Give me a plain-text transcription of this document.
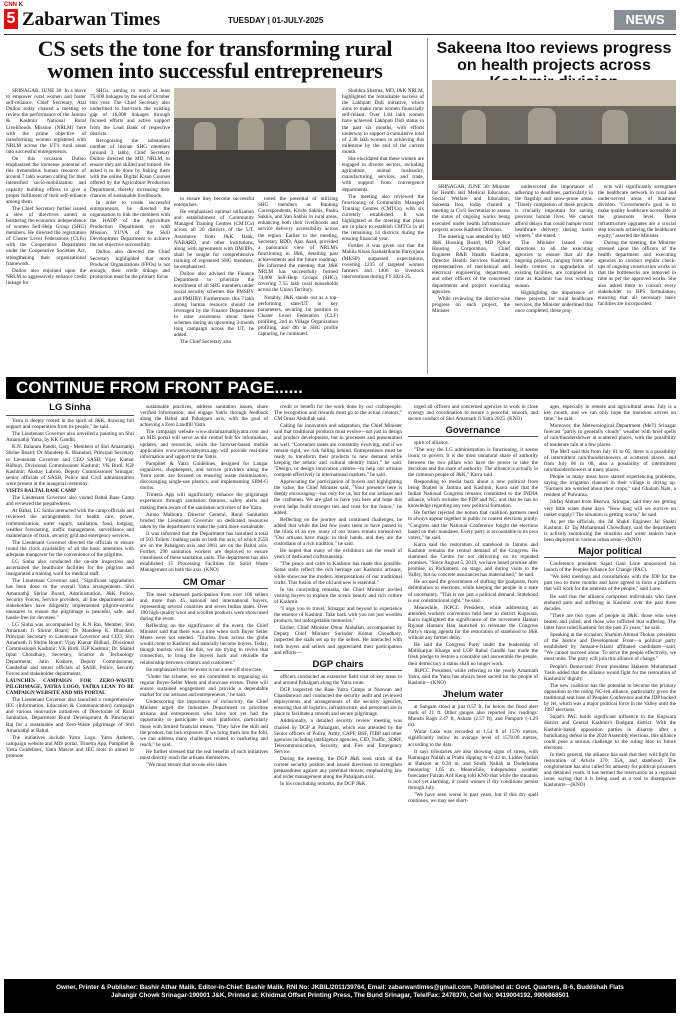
CNN K
5 Zabarwan Times	TUESDAY | 01-JULY-2025	NEWS
CS sets the tone for transforming rural women into successful entrepreneurs

SRINAGAR, JUNE 30: In a move to empower rural women and foster self-reliance, Chief Secretary, Atal Dulloo today chaired a meeting to review the performance of the Jammu & Kashmir National Rural Livelihoods Mission (NRLM) here with the prime objective of transforming women registered with NRLM across the UT's rural areas into successful entrepreneurs.

On this occasion Dulloo emphasized the immense potential of this tremendous human resource of around 7 lakh women calling for their intensified socio-mobilization and capacity building efforts to give a proper fulfilment of their self-reliance among them.

The Chief Secretary further issued a slew of directives aimed at bolstering the economic independence of women Self-Help Group (SHG) members. He directed the registration of Cluster Level Federations (CLFs) with the Cooperative Department under the Cooperative Societies Act, strengthening their organizational framework.

Dulloo also enjoined upon the NRLM to aggressively enhance credit linkage for

SHGs, aiming to reach at least 75,000 linkages by the end of October this year. The Chief Secretary also underlined to fast-track the existing gap of 16,000 linkages through focused efforts and active support from the Lead Bank of respective districts.

Recognizing the substantial number of literate SHG members (around 3 lakh), Chief Secretary Dulloo directed the MD, NRLM, to ensure they are skilled and trained. He asked it to be done by linking them with the online Digital Kisan Courses offered by the Agriculture Production Department, thereby increasing their chances of sustainable livelihoods.

In order to create successful entrepreneurs, he directed the organisation to link the members with the HADP of the Agriculture Production Department or with Mission YUVA of the Skill Development Department to achieve the set objective successfully.

Dulloo also directed the Chief Secretary highlighted that more Producer Organizations (FPOs) is not enough; their credit linkage and production must be the primary focus

to ensure they become successful enterprises.

He emphasized optimal utilization and establishment of Community Managed Training Centres (CMTCs) across all 20 districts of the UT. Assistance from J&K Bank, NABARD, and other institutions, along with agreements with IIM/IIPs, shall be sought for comprehensive training of registered SHG members, he emphasized.

Dulloo also advised the Finance Department to prioritize the enrollment of all SHG members under social security schemes like PMSBY and PMJJBY. Furthermore, this 7 lakh strong human resource should be leveraged by the Finance Department to raise awareness about these schemes during an upcoming 3-month long campaign across the UT, he added.

The Chief Secretary also

noted the potential of utilizing SHG members as Banking Correspondents, Krishi Sakhis, Pashu Sakhis, and Van Sakhis in rural areas, enhancing both their livelihoods and service delivery accessibility across the region. Earlier in the meeting, Secretary RDD, Ajaz Asad, provided a panoramic view of NRLM's functioning in J&K, detailing past achievements and the future roadmap. He informed the meeting that J&K NRLM has successfully formed 74,000 Self-Help Groups (SHG), covering 7.55 lakh rural households across the Union Territory.

Notably, J&K stands out as a top-performing state/UT in key parameters, securing 1st position in Cluster Level Federation (CLF) profiling, 2nd in Village Organization profiling, and 4th in SHG profile capturing, he continued.

Shubhra Sharma, MD, J&K NRLM, highlighted the remarkable success of the Lakhpati Didi initiative, which aims to make rural women financially self-reliant. Over 1.84 lakh women have achieved Lakhpati Didi status in the past six months, with efforts underway to support a cumulative total of 2.38 lakh women in achieving this milestone by the end of the current month.

She elucidated that these women are engaged in diverse sectors, including agriculture, animal husbandry, manufacturing, services, and trade, with support from convergence departments.

The meeting also reviewed the functioning of Community Managed Training Centres (CMTCs), with six currently established. It was highlighted at the meeting that plans are in place to establish CMTCs in all the remaining 14 districts during the ensuing financial year.

Further it was given out that the Mahila Kisan Sashaktikaran Pariyojana (MKSP) surpassed expectations, covering 1235 of targeted women farmers and 1406 in livestock interventions during FY 2024-25.

Sakeena Itoo reviews progress on health projects across

SRINAGAR, JUNE 30: Minister for Health and Medical Education, Social Welfare and Education, Sakeena Itoo, today chaired a meeting at Civil Secretariat to assess the status of ongoing works being executed under health infrastructure projects across Kashmir Division.

The meeting was attended by MD J&K Housing Board, MD Police Housing Corporation, Chief Engineer R&B Health Kashmir, Director Health Services Kashmir, representatives of mechanical and electrical engineering department, and other officers of the concerned departments and project executing agencies.

While reviewing the district-wise progress on each project, the Minister

underscored the importance of adhering to deadlines, particularly in the flagship and snow-prone areas. "Timely completion of these projects is crucially important for saving precious human lives. We cannot afford delays that could hamper rural healthcare delivery during harsh winters," she stated.

The Minister issued clear directions to all the executing agencies to ensure that all the ongoing projects, ranging from new health centres to upgradation of existing facilities, are completed in time as Kashmir has less working season.

Highlighting the importance of these projects for rural healthcare services, the Minister underlined that once completed, these proj-

ects will significantly strengthen the healthcare network in rural and under-served areas of Kashmir division. "Government's goal is to make quality healthcare accessible at the grassroots level. These infrastructure upgrades are a crucial step towards achieving the healthcare equity," asserted the Minister.

During the meeting, the Minister stressed upon the officers of the health department and executing agencies to conduct regular check-ups of ongoing construction works so that the bottlenecks are removed in time as per the approved works. She also asked them to consult every stakeholder in BPS formulation, ensuring that all necessary basic facilities are incorporated.

CONTINUE FROM FRONT PAGE......
LG Sinha

Yatra is deeply rooted in the spirit of J&K, drawing full support and cooperation from its people," he said.

The Lieutenant Governor also unveiled a painting on Shri Amarnathji Yatra, by KK Gandhi.

K.N. Balaram Pandit, Garg - Members of Shri Amarnathji Shrine Board; Dr Mandeep K. Bhandari, Principal Secretary to Lieutenant Governor and CEO SASB; Vijay Kumar Bidhuri, Divisional Commissioner Kashmir; VK Birdi, IGP Kashmir; Akshay Labroo, Deputy Commissioner Srinagar; senior officials of SASB, Police and Civil administration were present at the inaugural ceremony.

VISITS BALTAL BASE CAMP

The Lieutenant Governor also visited Baltal Base Camp and reviewed the preparedness.

At Baltal, LG Sinha interacted with the camp officials and reviewed the arrangements for health care, power, communication, water supply, sanitation, food, lodging, weather forecasting, traffic management, surveillance and maintenance of track, security grid and emergency services.

The Lieutenant Governor directed the officials to ensure round the clock availability of all the basic amenities with adequate manpower for the convenience of the pilgrims.

LG Sinha also conducted the on-site inspection and ascertained the healthcare facilities for the pilgrims and inaugurated a training ward for medical staff.

The Lieutenant Governor said, "Significant upgradation has been done to the overall Yatra arrangements. Shri Amarnathji Shrine Board, Administration, J&K Police, Security Forces, Service providers, all line departments and stakeholders have diligently implemented pilgrim-centric measures to ensure the pilgrimage is peaceful, safe, and hassle-free for devotees."

LG Sinha was accompanied by K.N Rai, Member, Shri Amarnath Ji Shrine Board; Dr Mandeep K. Bhandari, Principal Secretary to Lieutenant Governor and CEO, Shri Amarnath Ji Shrine Board; Vijay Kumar Bidhuri, Divisional Commissioner Kashmir; VK Birdi, IGP Kashmir; Dr. Shahid Iqbal Choudhary, Secretary, Science & Technology Department; Jatin Kishore, Deputy Commissioner, Ganderbal and senior officials of SASB, Police, Security Forces and stakeholder departments.

LAUNCHES CAMPAIGN FOR ZERO-WASTE PILGRIMAGE, YATRA LOGO, YATRA LEAN TO BE CAMPAIGN WEBSITE AND MIS PORTAL

The Lieutenant Governor also launched a comprehensive IEC (Information, Education & Communication) campaign and various innovative initiatives of Directorate of Rural Sanitation, Department Rural Development & Panchayati Raj for a sustainable and Zero-Waste pilgrimage of Shri Amarnathji at Baltal.

The initiatives include Yatra Logo, Yatra Anthem, campaign website and MIS portal, Trinetra App, Pamphlet & Yatra Guidelines, Yatra Mascot and IEC tools to aimed to promote

sustainable practices, address sanitation issues, share verified information, and engage Yatris through feedback along the Baltal and Pahalgam axis, with the goal of achieving a Zero Landfill Yatra.

The campaign website www.shriamarnathjiyatra.com and an MIS portal will serve as the central hub for information, updates, and resources, while the browser-based mobile application www.zerowasteyatra.app will provide real-time information and support to the Yatris.

Pamphlet & Yatra Guidelines, designed for Langar organizers, shopkeepers, and service providers along the Yatra route, are focused on ensuring waste minimization, discouraging single-use plastics, and implementing SBM-G norms.

Trinetra App will significantly enhance the pilgrimage experience through sanitation features, safety alerts and making them aware of the sanitation activities of the Yatra.

Amoo Malhotra, Director General, Rural Sanitation briefed the Lieutenant Governor on dedicated resources taken by the department to make the yatra more sustainable.

It was informed that the Department has installed a total of 503 Toilets / bathing units on both the axis, of which 2558 are on the Pahalgam axis and 2061 are on the Baltal axis. Further, 290 sanitation workers are deployed to ensure cleanliness of these sanitation units. The department has also established 15 Processing Facilities for Solid Waste Management on both the axis. (KNO)

CM Omar

The meet witnessed participation from over 100 sellers and more than 45 national and international buyers, representing several countries and seven Indian states. Over 100 high-quality wool and woollen products were showcased during the event.

Reflecting on the significance of the event, the Chief Minister said that there was a time when such Buyer Seller Meets were not needed. "Tourists from across the globe would come to Kashmir and naturally become buyers. Today, though tourists visit like this, we are trying to revive that connection, to bring the buyers back and rekindle the relationship between creators and customers."

He emphasized that the event is not a one-off showcase.

"Under the scheme, we are committed to organizing six regular Buyer-Seller Meets and showcase events. These will ensure sustained engagement and provide a dependable market for our artisans and entrepreneurs," he said.

Underscoring the importance of inclusivity, the Chief Minister urged the Industries Department to prioritise artisans and entrepreneurs who have not yet had the opportunity to participate in such platforms, particularly those with limited financial means. "They have the skill and the product, but lack exposure. If we bring them into the fold, we can address many challenges related to marketing and reach," he said.

He further stressed that the real benefits of such initiatives must directly reach the artisans themselves.

"We must ensure that no one else takes

credit or benefit for the work done by our craftspeople. The recognition and rewards must go to the actual creators," CM Omar Abdullah said.

Calling for innovation and adaptation, the Chief Minister said that traditional products must evolve—not just in design and product development, but in processes and presentation as well. "Consumer tastes are constantly evolving, and if we remain rigid, we risk falling behind. Entrepreneurs must be ready to transform their products to new demand while keeping the artistic and cultural identity intact," he said. "Design, or design innovation centres—to help our artisans compete effectively in international markets," he said.

Appreciating the participation of buyers and highlighting the value, the Chief Minister said, "Your presence here is deeply encouraging—not only for us, but for our artisans and the craftsmen. We are glad to have you here and hope this event helps build stronger ties and trust for the future," he added.

Reflecting on the journey and continued challenges, he added that while the last few years seem to have passed in the blink of an eye, many of our issues remain unresolved. "Our artisans have magic in their hands, and they are the custodians of a rich tradition," he said.

He hoped that many of the exhibitors are the result of years of dedicated craftsmanship.

"The peace and calm in Kashmir has made this possible. Some stalls reflect the rich heritage our Kashmiri artisans, while showcase the modern interpretations of our traditional crafts. This fusion of the old and new is essential."

In his concluding remarks, the Chief Minister invited visiting buyers to explore the scenic beauty and rich culture of Kashmir.

"I urge you to travel, Srinagar and beyond to experience the essence of Kashmir. Take back with you not just woollen products, but unforgettable memories."

Earlier, Chief Minister Omar Abdullah, accompanied by Deputy Chief Minister Surinder Kumar Choudhary, inspected the stalls set up by the sellers. He interacted with both buyers and sellers and appreciated their participation and efforts—

DGP chairs

officers conducted an extensive field visit of key areas in and around Pahalgam along the Yatra route.

DGP inspected the Base Yatra Camps at Nunwan and Chandanwari and conducted the security audit and reviewed deployments and arrangements of the security agencies, ensuring that all logistics, infrastructure, and personnel are in place to facilitate a smooth and secure pilgrimage.

Additionally, a detailed security review meeting was chaired by DGP at Pahalgam, which was attended by the Senior officers of Police, Army, CAPF, BSF, ITBP and other agencies including intelligence agencies, CID, Traffic, SDRF, Telecommunication, Security, and Fire and Emergency Service.

During the meeting, the DGP J&K took stock of the current security posture and issued directions to strengthen preparedness against any potential threats, emphasizing law and order management along the Pahalgam axis.

In his concluding remarks, the DGP J&K

urged all officers and concerned agencies to work in close synergy and coordination to ensure a peaceful, smooth, and secure conduct of Shri Amarnath Ji Yatra 2025. (KNO)

Governance

spirit of alliance.

"The way the LG administration is functioning, it seems ironic to govern. It is the most unnatural share of authority between the two pillars who have the power to take the decisions and the share of authority. The alliance is actually in the common people of J&K," Karra said.

Responding to media buzz about a new political front being floated in Jammu and Kashmir, Karra said that the Indian National Congress remains committed to the INDIA alliance, which includes the PDP and NC, and that he has no knowledge regarding any new political formation.

He further rejected the notion that coalition partners need to always appear together in public or contest elections jointly. "Congress and the National Conference fought the elections based on their mandates. Every party is accountable to its own voters," he said.

Karra said the restoration of statehood to Jammu and Kashmir remains the central demand of the Congress. He slammed the Centre for not delivering on its repeated promises. "Since August 5, 2019, we have heard promise after promise, in Parliament, on stage, and during visits to the Valley, but no concrete assurances has materialised," he said.

He accused the government of shifting the goalposts, from delimitation to elections, while keeping the people in a state of uncertainty. "This is not just a political demand. Statehood is our constitutional right," he said.

Meanwhile, JKPCC President, while addressing an attended workers convention held here in district Kupwara, Karra highlighted the significance of the movement Hamari Riyasat Hamara Haq launched to reinstate the Congress Party's strong agenda for the restoration of statehood to J&K without any further delay.

He said the Congress Party under the leadership of Mallikarjun Kharge and LOP Rahul Gandhi has made the fresh pledge to restore a countable and answerable the people, their democracy a status shall no longer work.

JKPCC President, while referring to the yearly Amarnath Yatra, said the Yatra has always been sacred for the people of Kashmir—(KNO)

Jhelum water

at Sangam stood at just 0.57 ft, far below the flood alert mark of 21 ft. Other gauges also reported low readings: Munshi Bagh 2.47 ft, Asham (2.57 ft), and Pampore (-1.29 m).

Wular Lake was recorded at 1.54 ft of 1576 metres, significantly below its average level of 1578.00 metres, according to the data.

It says tributaries are also showing signs of stress, with Ramnagar Nallah at Prathi dipping to -0.43 m, Lidder Nallah at Batkoot at 0.30 m, and Sindh Nallah at Doderhama measuring 1.05 m. Meanwhile, independent weather forecaster Faizan Arif Keng told KNO that while the situation is not yet alarming, it could worsen if dry conditions persist through July.

"We have seen worse in past years, but if this dry spell continues, we may see short-

ages, especially in remote and agricultural areas. July is a key month, and we can only hope the monsoon arrives on time," he said.

Moreover, the Meteorological Department (MeT) Srinagar forecast "partly to generally cloudy" weather with brief spells of rain/thundershower at scattered places, with the possibility of moderate rain at a few places.

The MeT said that from July 01 to 05, there is a possibility of intermittent rain/thundershowers at scattered places, and from July 06 to 08, also a possibility of intermittent rain/thundershowers at many places.

People in many areas have started experiencing problems, saying the irrigation channel in their village is drying up. "Farmers are worried about their crops," said Ghulam Nabi, a resident of Pulwama.

Ishfaq Ahmad from Beerwa, Srinagar, said they are getting very little water these days. "How long will we survive on tanker supply? The situation is getting worse," he said.

As per the officials, the Jal Shakti Engineer Jal Shakti Kashmir, Er Taj Mohammad Chowdhary, said the department is actively monitoring the situation and water tankers have been deployed in various urban areas—(KNO)

Major political

Conference president Sajad Gani Lone announced his launch of the Peoples Alliance for Change (PAC).

"We held meetings and consultations with the JDP for the past two to three months and have agreed to form a platform that will work for the interests of the people," said Lone.

He said that the alliance comprises individuals who have endured pain and suffering in Kashmir over the past three decades.

"There are two types of people in J&K: those who were beaten and jailed, and those who inflicted that suffering. The latter have ruled Kashmir for the past 35 years," he said.

Speaking at the occasion, Shamim Ahmad Thokar, president of the Justice and Development Front—a political party established by Jamaat-e-Islami affiliated candidates—said, "We cannot succeed alone. To serve the people effectively, we must unite. The party will join this alliance of change."

People's Democratic Front president Hakeem Muhammad Yasin added that the alliance would fight for the restoration of Kashmiris' dignity.

The new coalition has the potential to become the primary opposition to the ruling NC-led alliance, particularly given the traditional seat base of Peoples Conference and the JDP backed by Jel, which was a major political force in the Valley until the 1987 elections.

Sajad's PAC holds significant influence in the Kupwara district and Central Kashmir's Budgam district. With the Kashmir-based opposition parties in disarray after a humiliating defeat in the 2024 Assembly elections, this alliance could pose a serious challenge to the ruling bloc in future elections.

In their general, the alliance has said that they will fight for restoration of Article 370, 35A, and statehood. The conglomerate has also called for amnesty for political prisoners and detained youth. It has termed the reservation as a regional issue, saying that it is being used as a tool to disempower Kashmiris—(KNO)

Owner, Printer & Publisher: Bashir Athar Malik. Editor-in-Chief: Bashir Malik. RNI No: JKBIL/2011/39764, Email: zabarwantimes@gmail.com, Published at: Govt. Quarters, B-6, Buddshah Flats
Jahangir Chowk Srinagar-190001 J&K, Printed at: Khidmat Offset Printing Press, The Bund Srinagar, Tele/Fax: 2478370, Cell No: 9419004192, 9906868501
